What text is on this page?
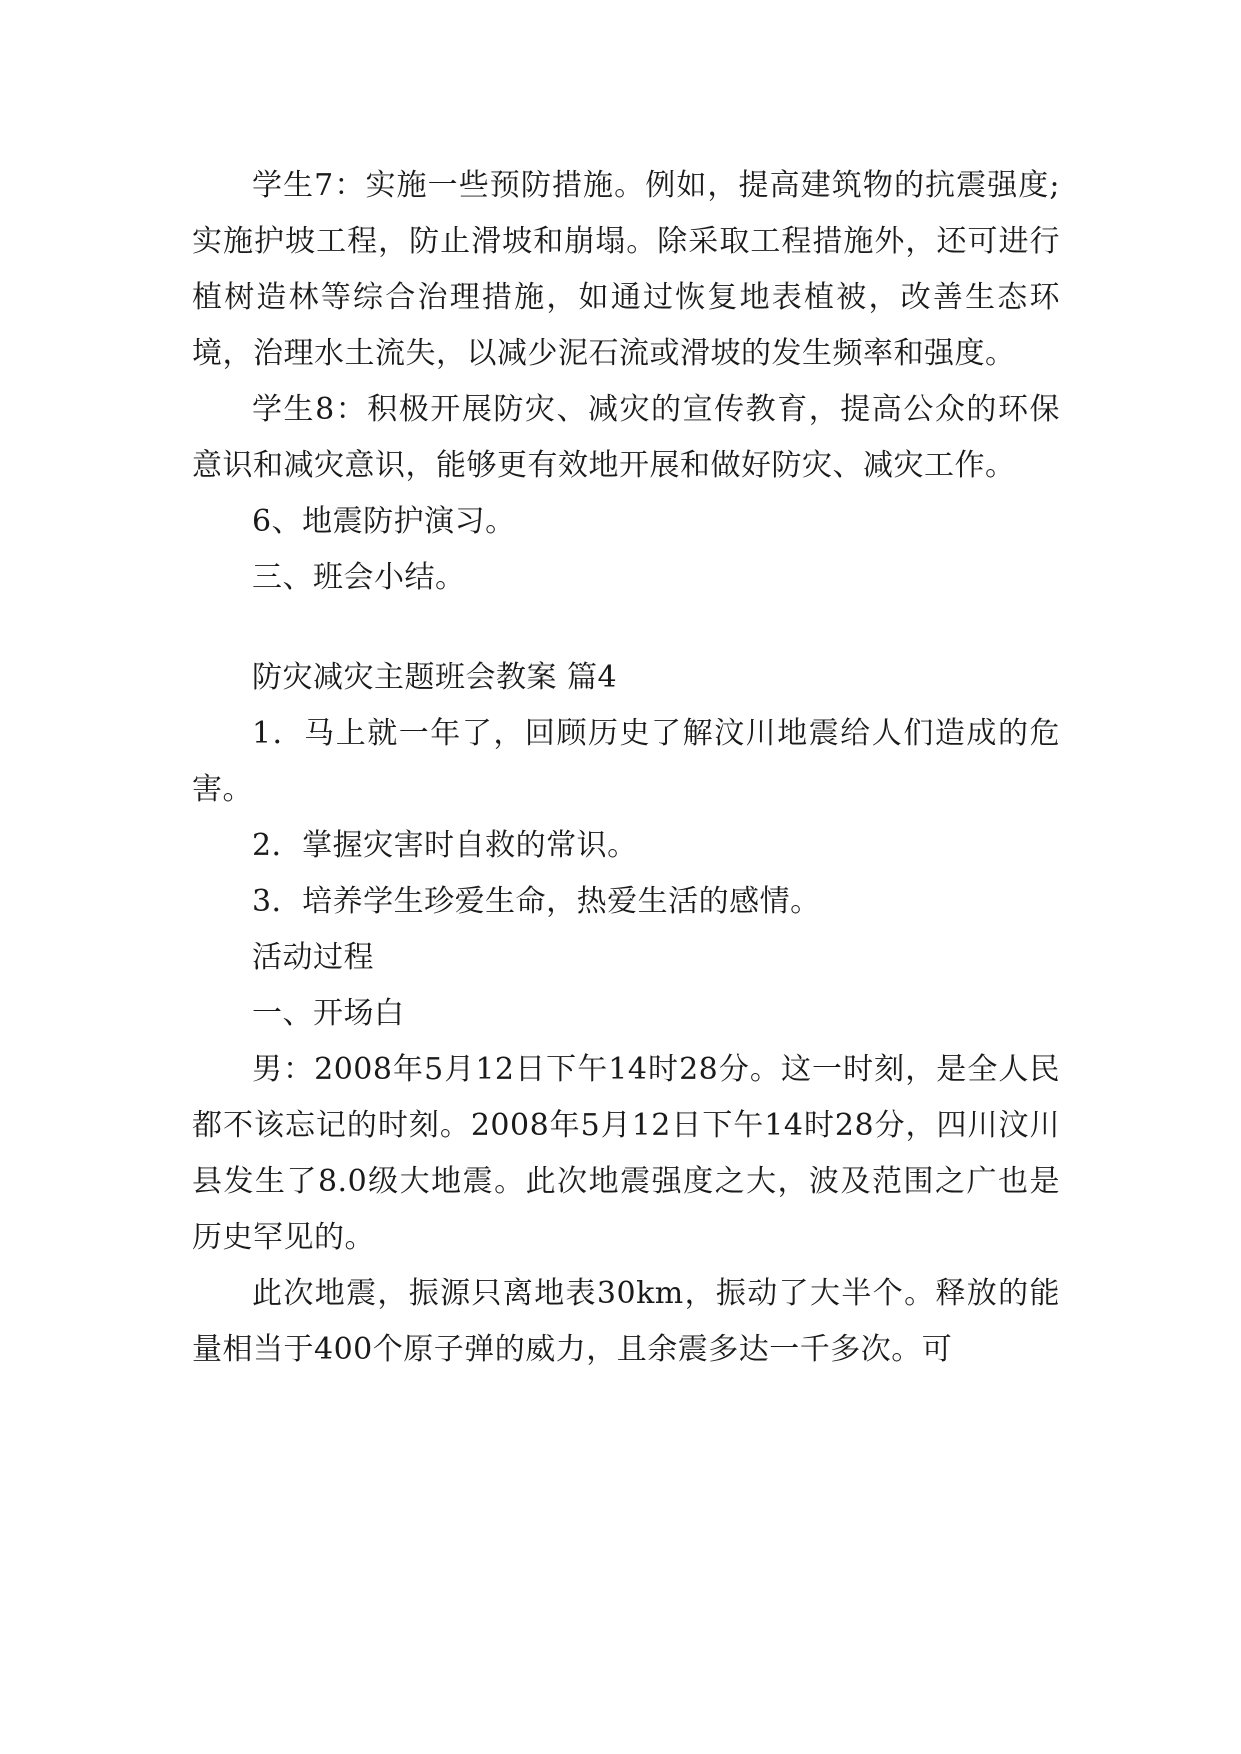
学生7：实施一些预防措施。例如，提高建筑物的抗震强度;实施护坡工程，防止滑坡和崩塌。除采取工程措施外，还可进行植树造林等综合治理措施，如通过恢复地表植被，改善生态环境，治理水土流失，以减少泥石流或滑坡的发生频率和强度。

学生8：积极开展防灾、减灾的宣传教育，提高公众的环保意识和减灾意识，能够更有效地开展和做好防灾、减灾工作。

6、地震防护演习。

三、班会小结。

防灾减灾主题班会教案 篇4

1．马上就一年了，回顾历史了解汶川地震给人们造成的危害。

2．掌握灾害时自救的常识。

3．培养学生珍爱生命，热爱生活的感情。

活动过程

一、开场白

男：2008年5月12日下午14时28分。这一时刻，是全人民都不该忘记的时刻。2008年5月12日下午14时28分，四川汶川县发生了8.0级大地震。此次地震强度之大，波及范围之广也是历史罕见的。

此次地震，振源只离地表30km，振动了大半个。释放的能量相当于400个原子弹的威力，且余震多达一千多次。可
